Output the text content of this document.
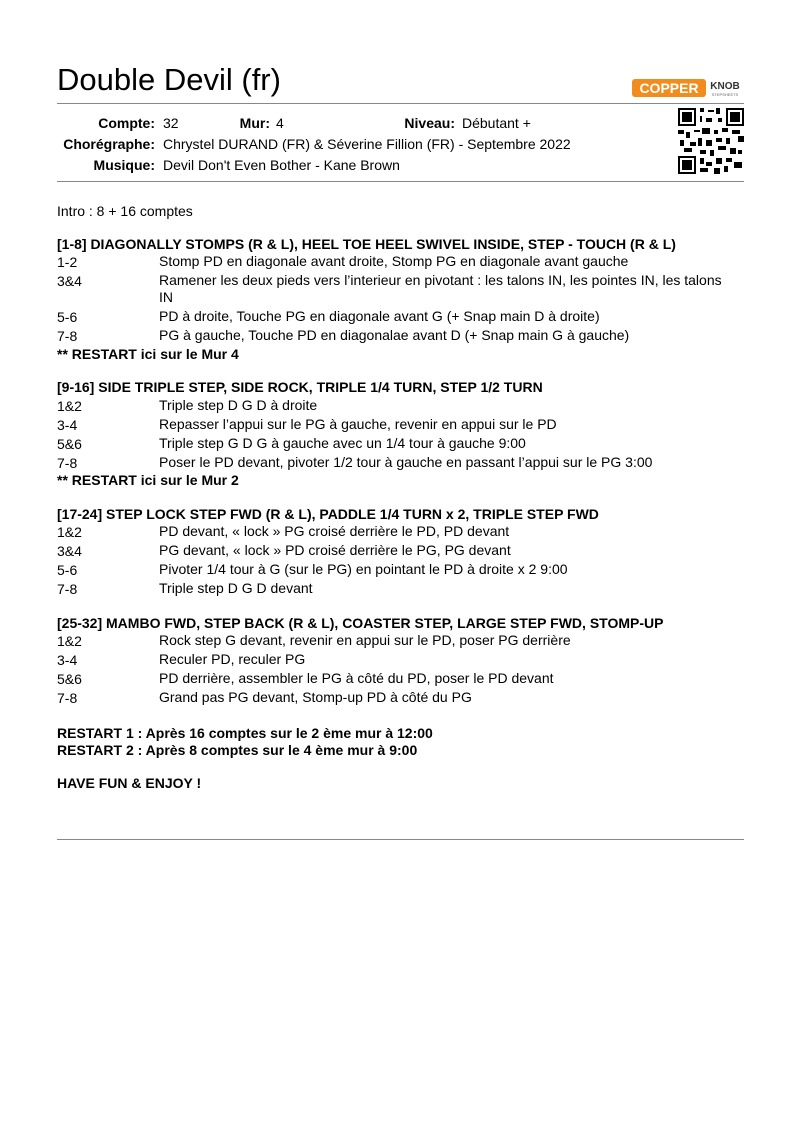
Double Devil (fr)	COPPER KNOB
STEPSHEETS
Compte: 32	Mur: 4	Niveau: Débutant +
Chorégraphe: Chrystel DURAND (FR) & Séverine Fillion (FR) - Septembre 2022
Musique: Devil Don't Even Bother - Kane Brown
Intro : 8 + 16 comptes
[1-8] DIAGONALLY STOMPS (R & L), HEEL TOE HEEL SWIVEL INSIDE, STEP - TOUCH (R & L)
1-2	Stomp PD en diagonale avant droite, Stomp PG en diagonale avant gauche
3&4	Ramener les deux pieds vers l’interieur en pivotant : les talons IN, les pointes IN, les talons IN
5-6	PD à droite, Touche PG en diagonale avant G (+ Snap main D à droite)
7-8	PG à gauche, Touche PD en diagonalae avant D (+ Snap main G à gauche)
** RESTART ici sur le Mur 4
[9-16] SIDE TRIPLE STEP, SIDE ROCK, TRIPLE 1/4 TURN, STEP 1/2 TURN
1&2	Triple step D G D à droite
3-4	Repasser l’appui sur le PG à gauche, revenir en appui sur le PD
5&6	Triple step G D G à gauche avec un 1/4 tour à gauche 9:00
7-8	Poser le PD devant, pivoter 1/2 tour à gauche en passant l’appui sur le PG 3:00
** RESTART ici sur le Mur 2
[17-24] STEP LOCK STEP FWD (R & L), PADDLE 1/4 TURN x 2, TRIPLE STEP FWD
1&2	PD devant, « lock » PG croisé derrière le PD, PD devant
3&4	PG devant, « lock » PD croisé derrière le PG, PG devant
5-6	Pivoter 1/4 tour à G (sur le PG) en pointant le PD à droite x 2 9:00
7-8	Triple step D G D devant
[25-32] MAMBO FWD, STEP BACK (R & L), COASTER STEP, LARGE STEP FWD, STOMP-UP
1&2	Rock step G devant, revenir en appui sur le PD, poser PG derrière
3-4	Reculer PD, reculer PG
5&6	PD derrière, assembler le PG à côté du PD, poser le PD devant
7-8	Grand pas PG devant, Stomp-up PD à côté du PG
RESTART 1 : Après 16 comptes sur le 2 ème mur à 12:00
RESTART 2 : Après 8 comptes sur le 4 ème mur à 9:00
HAVE FUN & ENJOY !
